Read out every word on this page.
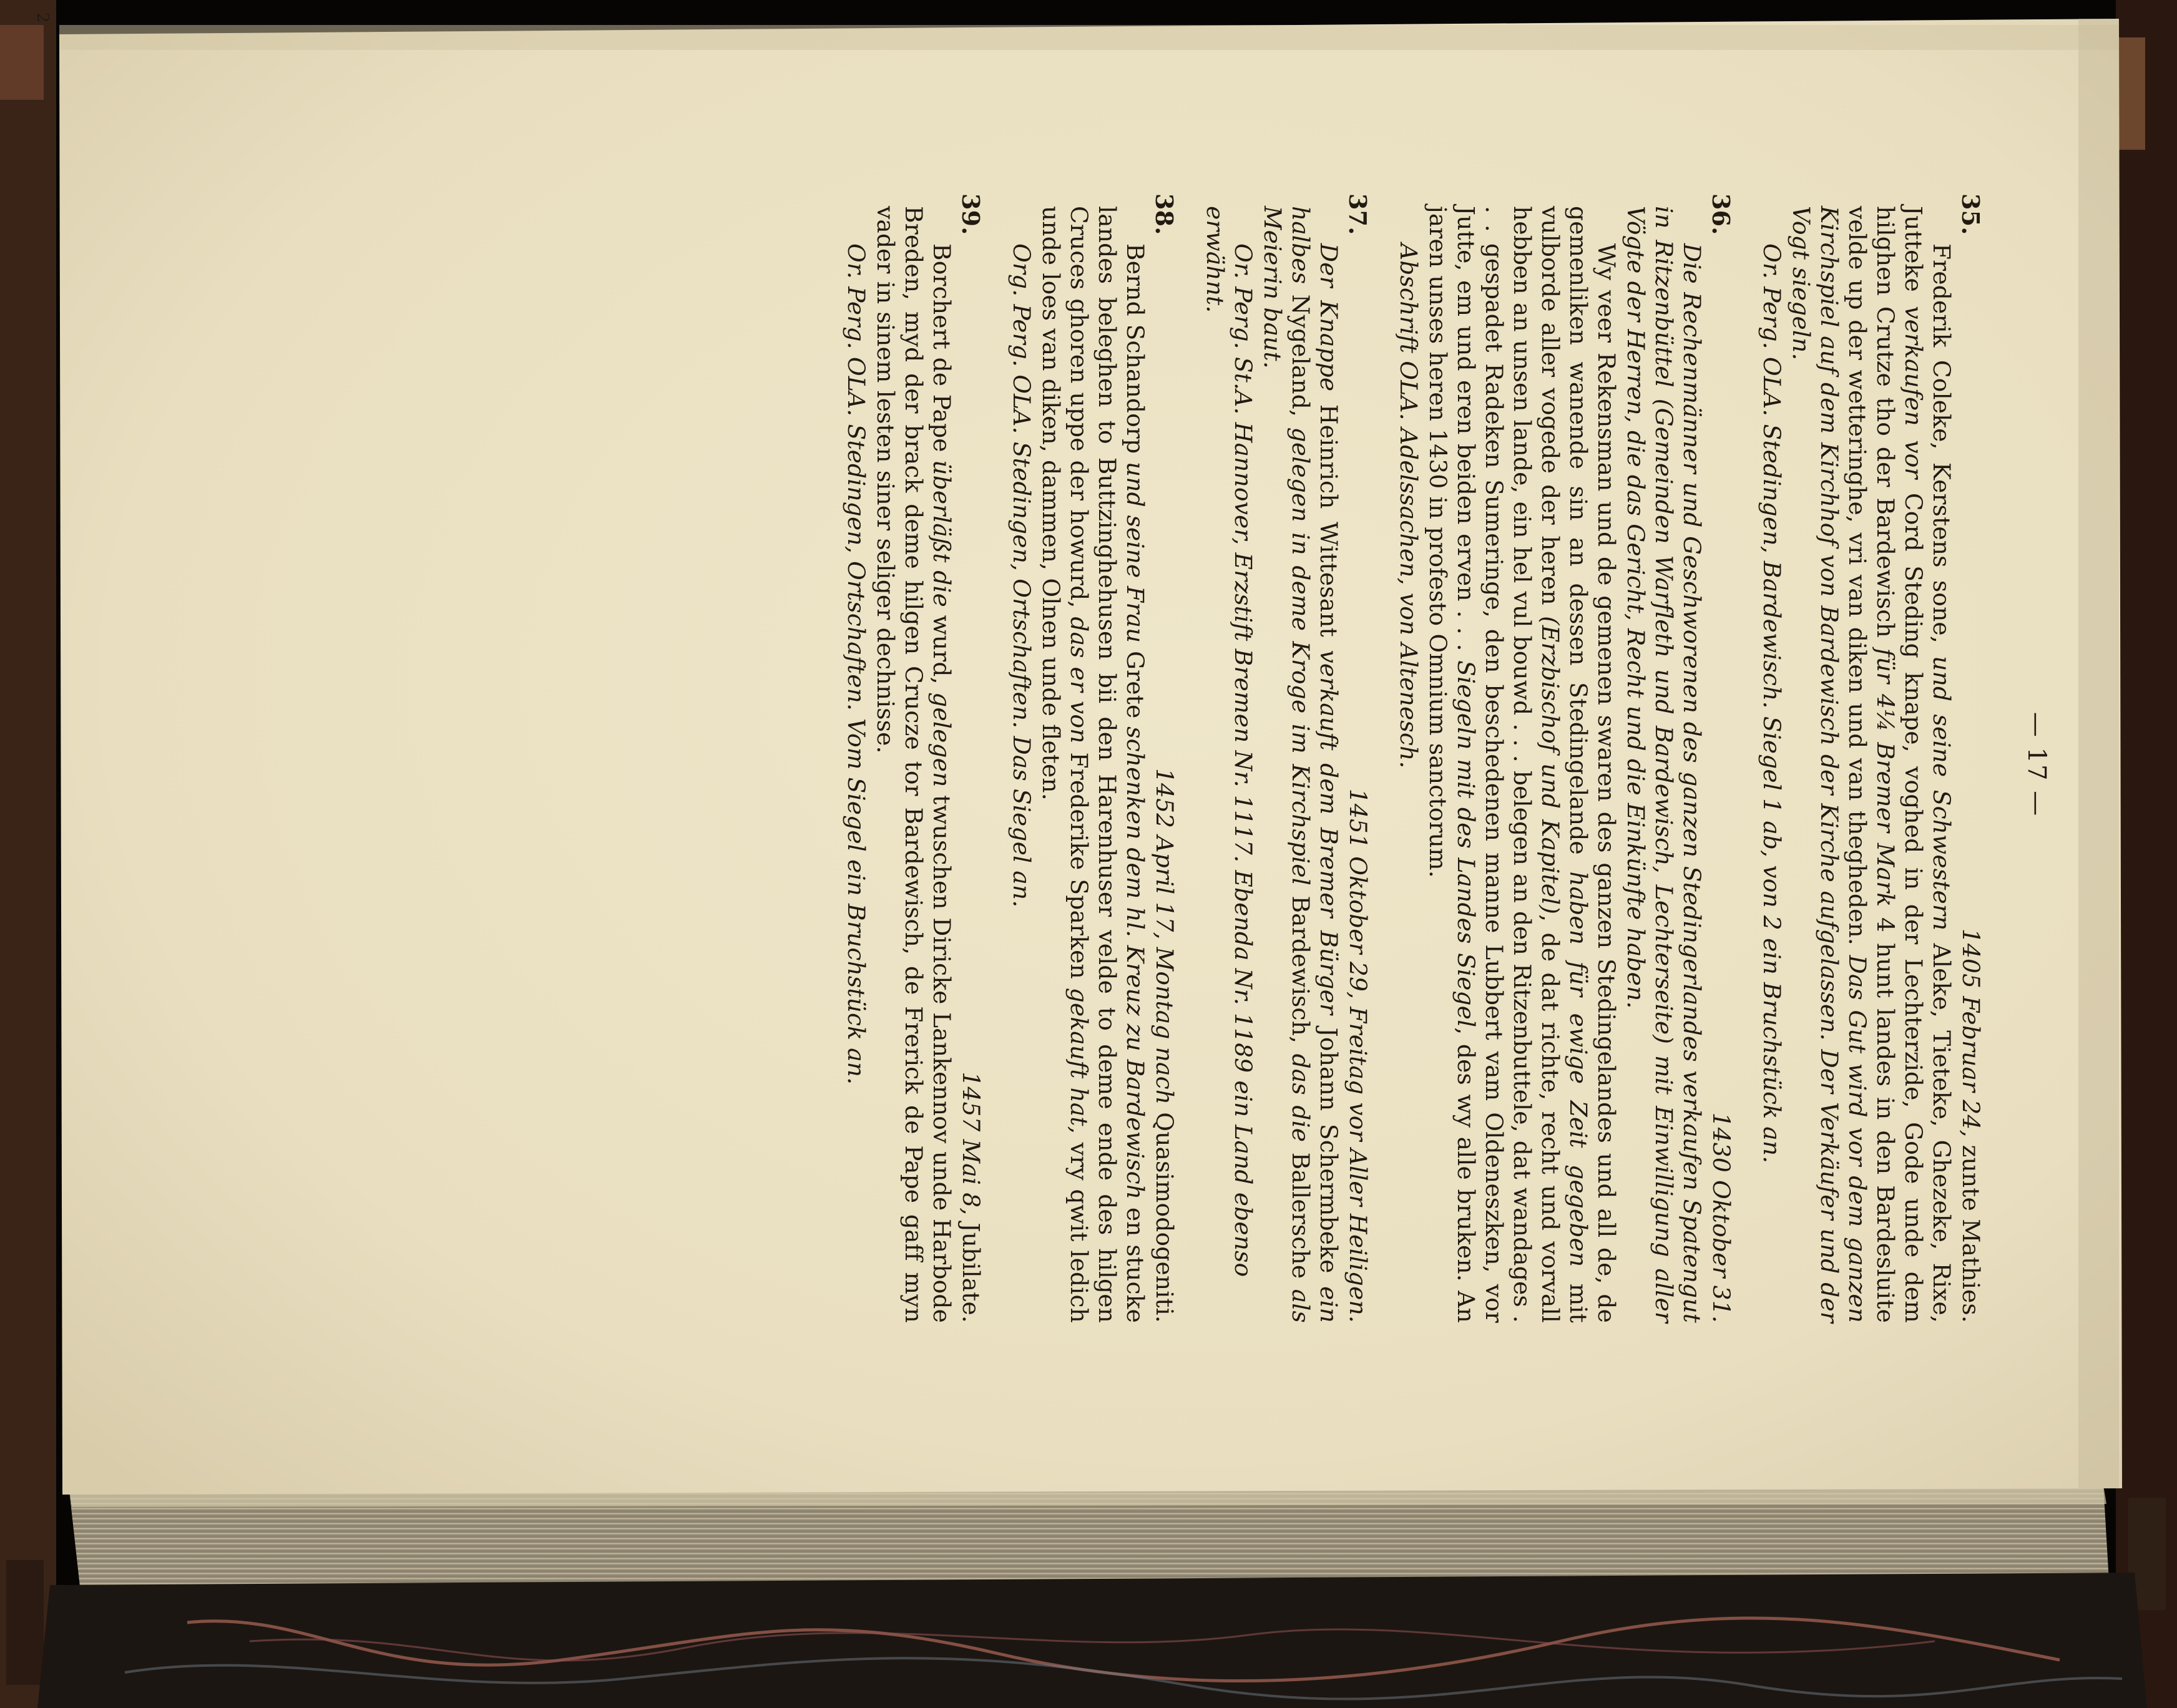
— 17 —
35.
1405 Februar 24, zunte Mathies.
Frederik Coleke, Kerstens sone, und seine Schwestern Aleke, Tieteke, Ghezeke, Rixe, Jutteke verkaufen vor Cord Steding knape, voghed in der Lechterzide, Gode unde dem hilghen Crutze tho der Bardewisch für 4¼ Bremer Mark 4 hunt landes in den Bardesluite velde up der wetteringhe, vri van diken und van thegheden. Das Gut wird vor dem ganzen Kirchspiel auf dem Kirchhof von Bardewisch der Kirche aufgelassen. Der Verkäufer und der Vogt siegeln.
Or. Perg. OLA. Stedingen, Bardewisch. Siegel 1 ab, von 2 ein Bruchstück an.
36.
1430 Oktober 31.
Die Rechenmänner und Geschworenen des ganzen Stedingerlandes verkaufen Spatengut in Ritzenbüttel (Gemeinden Warfleth und Bardewisch, Lechterseite) mit Einwilligung aller Vögte der Herren, die das Gericht, Recht und die Einkünfte haben.
Wy veer Rekensman und de gemenen swaren des ganzen Stedingelandes und all de, de gemenliken wanende sin an dessen Stedingelande haben für ewige Zeit gegeben mit vulborde aller vogede der heren (Erzbischof und Kapitel), de dat richte, recht und vorvall hebben an unsen lande, ein hel vul bouwd . . . belegen an den Ritzenbuttele, dat wandages . . . gespadet Radeken Sumeringe, den beschedenen manne Lubbert vam Oldeneszken, vor Jutte, em und eren beiden erven . . . Siegeln mit des Landes Siegel, des wy alle bruken. An jaren unses heren 1430 in profesto Omnium sanctorum.
Abschrift OLA. Adelssachen, von Altenesch.
37.
1451 Oktober 29, Freitag vor Aller Heiligen.
Der Knappe Heinrich Wittesant verkauft dem Bremer Bürger Johann Schermbeke ein halbes Nygeland, gelegen in deme Kroge im Kirchspiel Bardewisch, das die Ballersche als Meierin baut.
Or. Perg. St.A. Hannover, Erzstift Bremen Nr. 1117. Ebenda Nr. 1189 ein Land ebenso erwähnt.
38.
1452 April 17, Montag nach Quasimodogeniti.
Bernd Schandorp und seine Frau Grete schenken dem hl. Kreuz zu Bardewisch en stucke landes beleghen to Buttzinghehusen bii den Harenhuser velde to deme ende des hilgen Cruces ghoren uppe der howurd, das er von Frederike Sparken gekauft hat, vry qwit ledich unde loes van diken, dammen, Olnen unde fleten.
Org. Perg. OLA. Stedingen, Ortschaften. Das Siegel an.
39.
1457 Mai 8, Jubilate.
Borchert de Pape überläßt die wurd, gelegen twuschen Diricke Lankennov unde Harbode Breden, myd der brack deme hilgen Crucze tor Bardewisch, de Frerick de Pape gaff myn vader in sinem lesten siner seliger dechnisse.
Or. Perg. OLA. Stedingen, Ortschaften. Vom Siegel ein Bruchstück an.
2
